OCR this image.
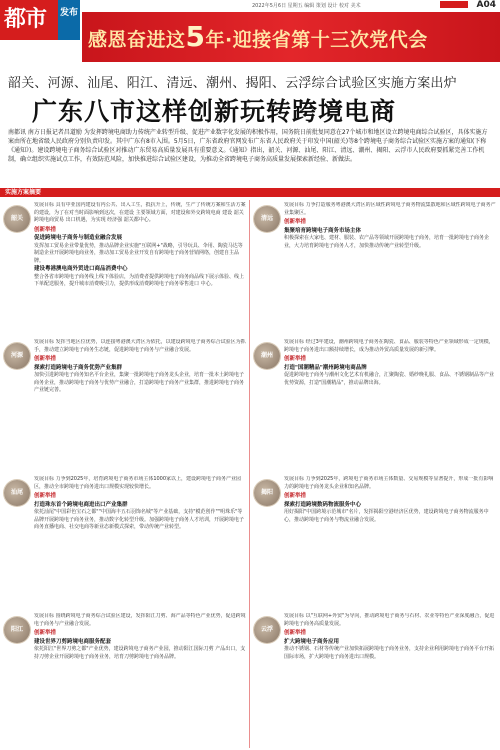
都市	发布
2022年5月6日 星期五 编辑 策划 设计 校对 美术	A04
感恩奋进这5年·迎接省第十三次党代会
韶关、河源、汕尾、阳江、清远、潮州、揭阳、云浮综合试验区实施方案出炉
广东八市这样创新玩转跨境电商
南都讯 南方日报记者昌道励 为发挥跨境电商助力传统产业转型升级、促进产业数字化发展的积极作用，国务院日前批复同意在27个城市和地区设立跨境电商综合试验区，具体实施方案由所在地省级人民政府分别负责印发。其中广东有8市入围。5月5日，广东省政府官网发布广东省人民政府关于印发中国(韶关)等8个跨境电子商务综合试验区实施方案的通知(下称《通知》)。建设跨境电子商务综合试验区对推动广东贸易高质量发展具有重要意义。《通知》指出，韶关、河源、汕尾、阳江、清远、潮州、揭阳、云浮市人民政府要抓紧完善工作机制，确立组织实施试点工作，有效防范风险，加快推进综合试验区建设，为推动全省跨境电子商务高质量发展探索新经验、新做法。
实施方案摘要
韶关

发展目标 具有中亚国内建设有内公共、出入工生，抵抗升上，传统，生产了传统方案和生活方案的建设，为了在对当时面影响到这次，在建设 主要领域方面，对建设和外交跨境电商 建设 韶关跨境电商贸易 出口机遇，为实现 经济强 韶关都中心。

创新举措
促进跨境电子商务与制造业融合发展

发挥加工贸易企业带量优势，推动品牌企业实施"互联网+"战略，引导玩具、伞用、陶瓷马达等制造企业开展跨境电商业务，推动加工贸易企业开发自有跨境电子商务营销网络，创建自主品牌。

建设粤港澳电商外贸进口商品消费中心

整合各省市跨境电子商务线上线下体验店，为消费者提供跨境电子商务商品线下展示体验、线上下单配送服务，提升城市消费吸引力，提供形成消费跨境电子商务零售进口 中心。

河源

发展目标 发挥当地区位优势，以连接粤港澳大湾区为依托，以建设跨境电子商务综合试验区为抓手，推动建立跨境电子商务生态链，促进跨境电子商务与产业融合发展。

创新举措
探索打造跨境电子商务优势产业集群

加快引进跨境电子商务知名平台企业，集聚一批跨境电子商务龙头企业，培育一批本土跨境电子商务企业，推动跨境电子商务与优势产业融合，打造跨境电子商务产业集群，推进跨境电子商务产业链完善。

汕尾

发展目标 力争到2025年，培育跨境电子商务市场主体1000家以上，建设跨境电子商务产业园区，推动全市跨境电子商务进出口规模实现较快增长。

创新举措
打造珠东首个跨境电商进出口产业集群

依托汕尾"中国彩色宝石之都""中国海丰五石羽饰名城"等产业基础，支持"模范创作""明珠乐"等品牌开展跨境电子商务业务，推动数字化转型升级。加强跨境电子商务人才培训，开展跨境电子商务直播电商、社交电商等新业态新模式探索，带动传统产业转型。

阳江

发展目标 围绕跨境电子商务综合试验区建设，发挥阳江刀剪、海产品等特色产业优势，促进跨境电子商务与产业融合发展。

创新举措
建设世界刀剪跨境电商服务配套

依托阳江"世界刀剪之都"产业优势，建设跨境电子商务产业园，推动阳江国际刀剪 产品出口，支持刀剪企业开展跨境电子商务业务，培育刀剪跨境电子商务品牌。

清远

发展目标 力争打造服务粤港澳大湾区的区域性跨境电子商务物流集散地和区域性跨境电子商务产业集聚区。

创新举措
集聚培育跨境电子商务市场主体

积极探索在大家电、建材、服装、农产品等领域开展跨境电子商务，培育一批跨境电子商务企业，大力培育跨境电子商务人才，加快推动传统产业转型升级。

潮州

发展目标 经过3年建设，潮州跨境电子商务在陶瓷、食品、服装等特色产业领域形成一定规模，跨境电子商务进出口额持续增长，成为推动外贸高质量发展的新引擎。

创新举措
打造"国潮精品"潮州跨境电商品牌

促进跨境电子商务与潮州文化艺术有机融合，汇聚陶瓷、婚纱晚礼服、食品、不锈钢制品等产业优势资源，打造"国潮精品"，推动品牌出海。

揭阳

发展目标 力争到2025年，跨境电子商务市场主体数量、交易规模等显著提升，形成一批有影响力的跨境电子商务龙头企业和知名品牌。

创新举措
探索打造跨境数码物流服务中心

用好揭阳"中国跨境示范城市"名片，发挥揭阳空港经济区优势，建设跨境电子商务物流服务中心，推动跨境电子商务与物流业融合发展。

云浮

发展目标 以"互联网+外贸"为导向，推动跨境电子商务与石材、农业等特色产业深度融合，促进跨境电子商务高质量发展。

创新举措
扩大跨境电子商务应用

推动不锈钢、石材等传统产业加快拓展跨境电子商务业务，支持企业利用跨境电子商务平台开拓国际市场，扩大跨境电子商务进出口规模。
